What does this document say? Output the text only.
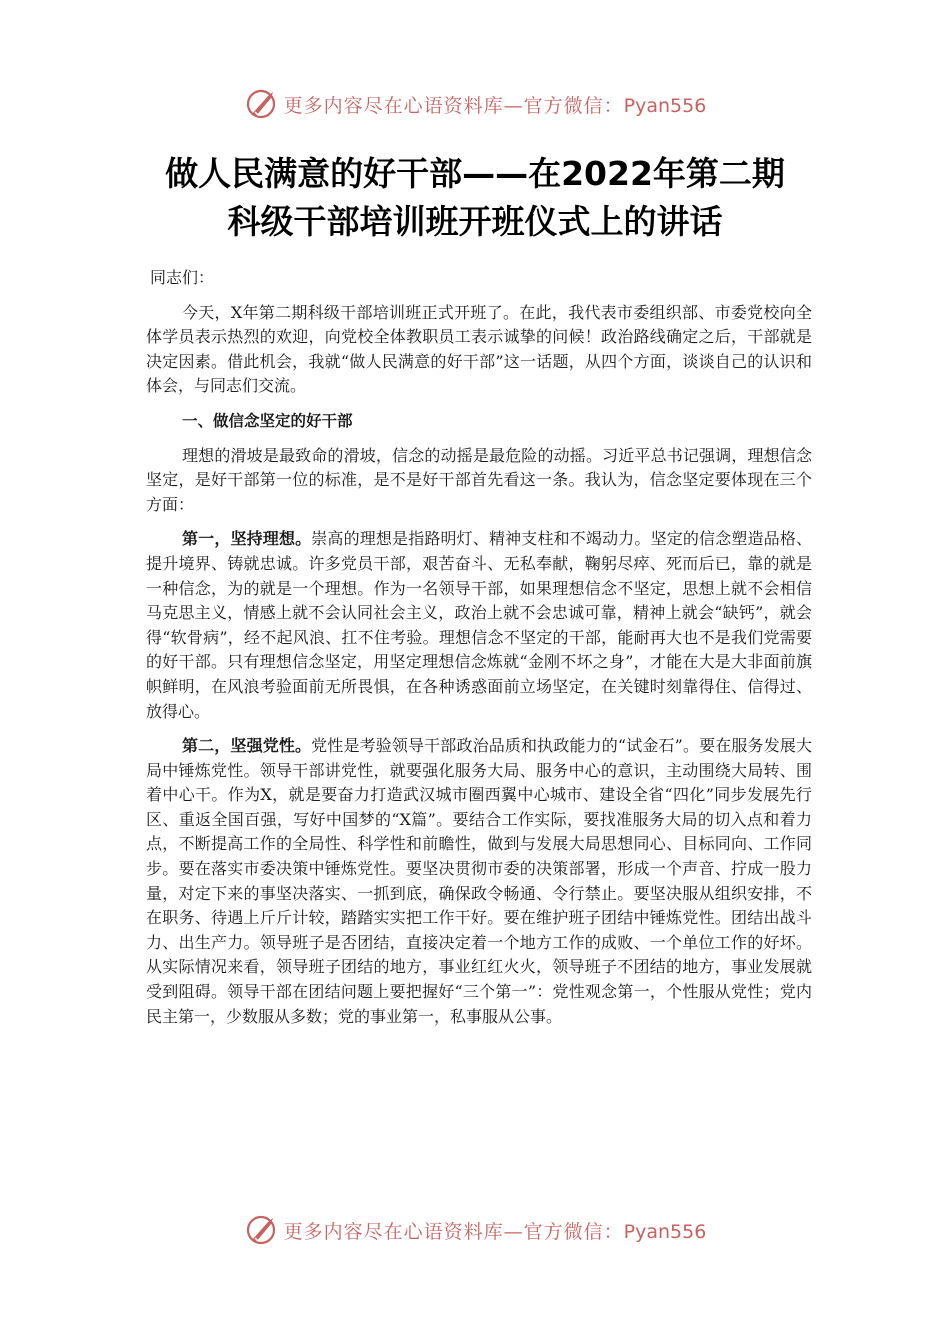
更多内容尽在心语资料库—官方微信：Pyan556
做人民满意的好干部——在2022年第二期
科级干部培训班开班仪式上的讲话

同志们：

今天，X年第二期科级干部培训班正式开班了。在此，我代表市委组织部、市委党校向全体学员表示热烈的欢迎，向党校全体教职员工表示诚挚的问候！政治路线确定之后，干部就是决定因素。借此机会，我就“做人民满意的好干部”这一话题，从四个方面，谈谈自己的认识和体会，与同志们交流。

一、做信念坚定的好干部

理想的滑坡是最致命的滑坡，信念的动摇是最危险的动摇。习近平总书记强调，理想信念坚定，是好干部第一位的标准，是不是好干部首先看这一条。我认为，信念坚定要体现在三个方面：

第一，坚持理想。崇高的理想是指路明灯、精神支柱和不竭动力。坚定的信念塑造品格、提升境界、铸就忠诚。许多党员干部，艰苦奋斗、无私奉献，鞠躬尽瘁、死而后已，靠的就是一种信念，为的就是一个理想。作为一名领导干部，如果理想信念不坚定，思想上就不会相信马克思主义，情感上就不会认同社会主义，政治上就不会忠诚可靠，精神上就会“缺钙”，就会得“软骨病”，经不起风浪、扛不住考验。理想信念不坚定的干部，能耐再大也不是我们党需要的好干部。只有理想信念坚定，用坚定理想信念炼就“金刚不坏之身”，才能在大是大非面前旗帜鲜明，在风浪考验面前无所畏惧，在各种诱惑面前立场坚定，在关键时刻靠得住、信得过、放得心。

第二，坚强党性。党性是考验领导干部政治品质和执政能力的“试金石”。要在服务发展大局中锤炼党性。领导干部讲党性，就要强化服务大局、服务中心的意识，主动围绕大局转、围着中心干。作为X，就是要奋力打造武汉城市圈西翼中心城市、建设全省“四化”同步发展先行区、重返全国百强，写好中国梦的“X篇”。要结合工作实际，要找准服务大局的切入点和着力点，不断提高工作的全局性、科学性和前瞻性，做到与发展大局思想同心、目标同向、工作同步。要在落实市委决策中锤炼党性。要坚决贯彻市委的决策部署，形成一个声音、拧成一股力量，对定下来的事坚决落实、一抓到底，确保政令畅通、令行禁止。要坚决服从组织安排，不在职务、待遇上斤斤计较，踏踏实实把工作干好。要在维护班子团结中锤炼党性。团结出战斗力、出生产力。领导班子是否团结，直接决定着一个地方工作的成败、一个单位工作的好坏。从实际情况来看，领导班子团结的地方，事业红红火火，领导班子不团结的地方，事业发展就受到阻碍。领导干部在团结问题上要把握好“三个第一”：党性观念第一，个性服从党性；党内民主第一，少数服从多数；党的事业第一，私事服从公事。

更多内容尽在心语资料库—官方微信：Pyan556
